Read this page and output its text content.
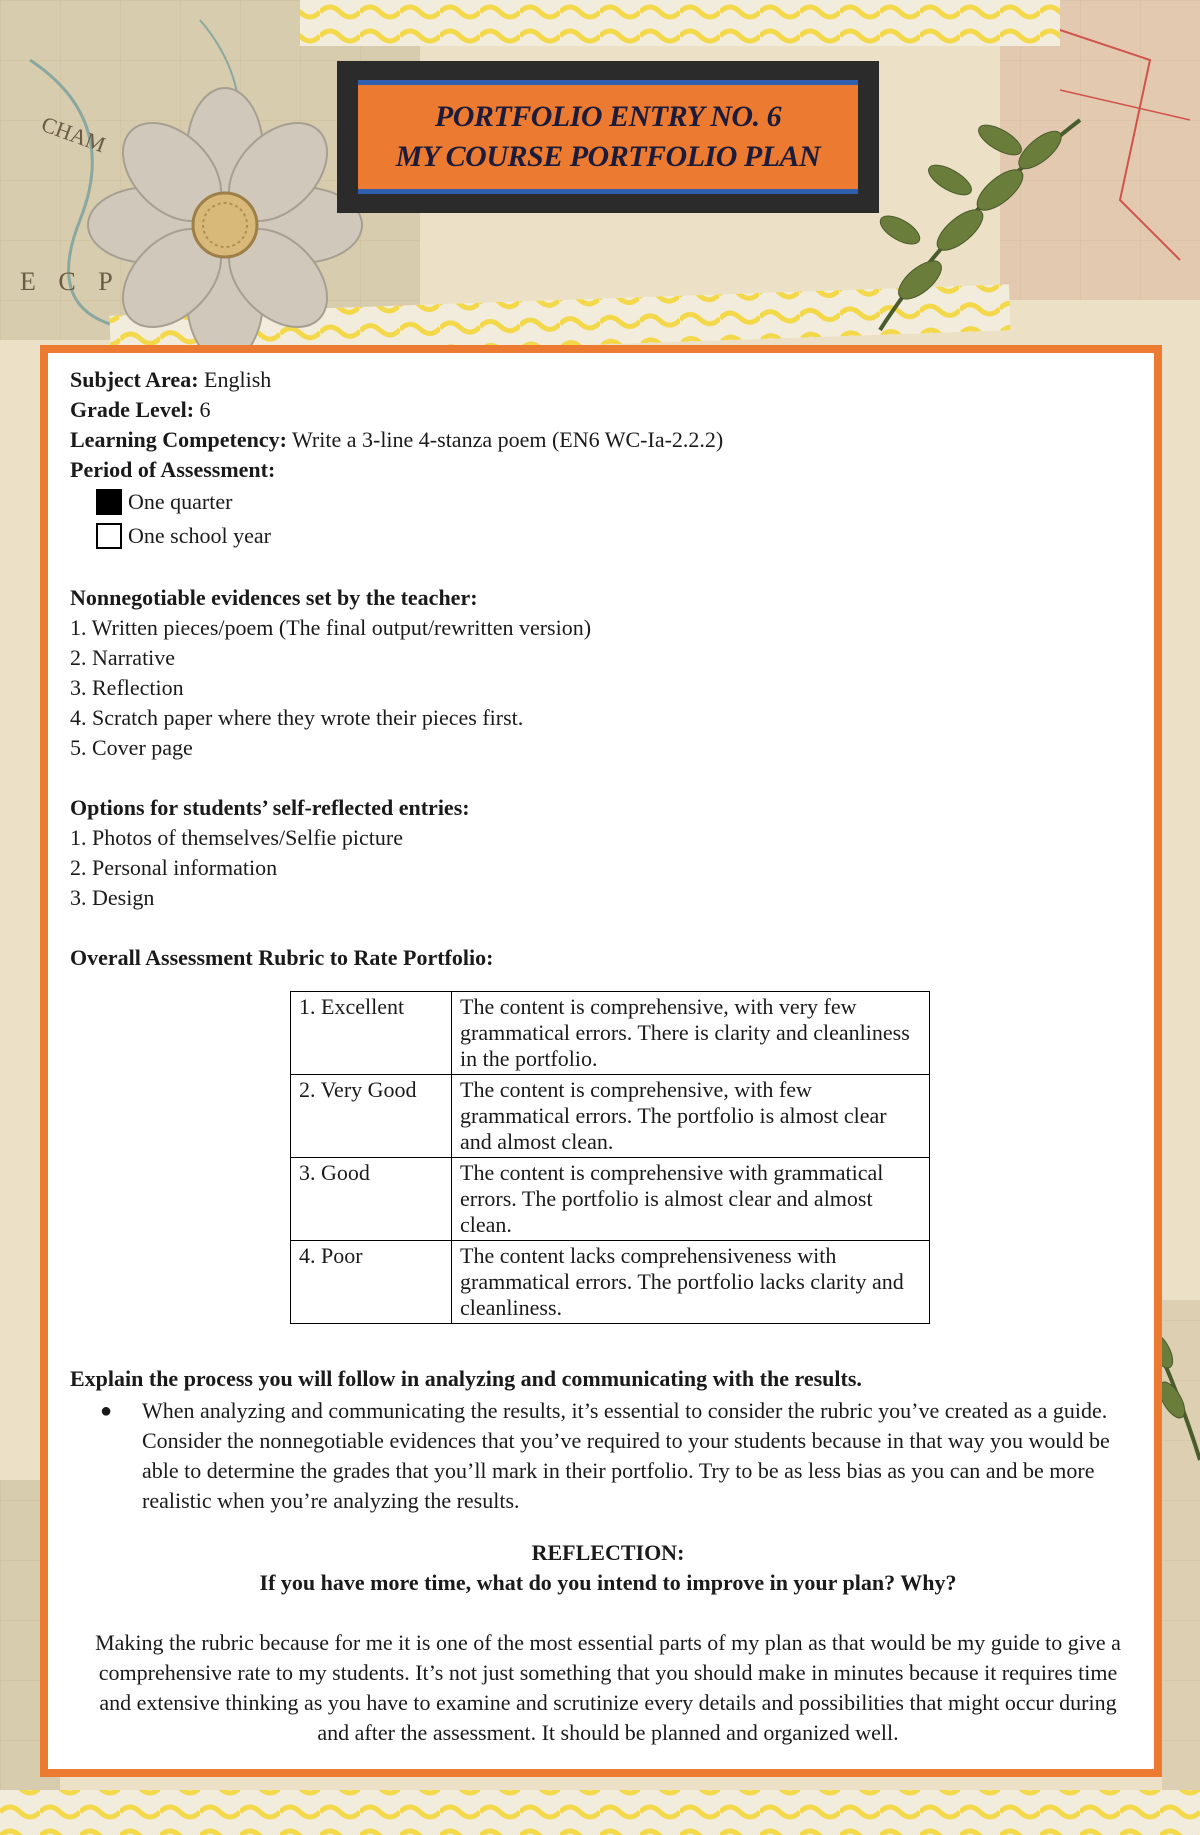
CHAM
E C P
PORTFOLIO ENTRY NO. 6
MY COURSE PORTFOLIO PLAN
Subject Area: English
Grade Level: 6
Learning Competency: Write a 3-line 4-stanza poem (EN6 WC-Ia-2.2.2)
Period of Assessment:
One quarter
One school year
Nonnegotiable evidences set by the teacher:
1. Written pieces/poem (The final output/rewritten version)
2. Narrative
3. Reflection
4. Scratch paper where they wrote their pieces first.
5. Cover page
Options for students’ self-reflected entries:
1. Photos of themselves/Selfie picture
2. Personal information
3. Design
Overall Assessment Rubric to Rate Portfolio:
1. Excellent	The content is comprehensive, with very few grammatical errors. There is clarity and cleanliness in the portfolio.
2. Very Good	The content is comprehensive, with few grammatical errors. The portfolio is almost clear and almost clean.
3. Good	The content is comprehensive with grammatical errors. The portfolio is almost clear and almost clean.
4. Poor	The content lacks comprehensiveness with grammatical errors. The portfolio lacks clarity and cleanliness.
Explain the process you will follow in analyzing and communicating with the results.
●	When analyzing and communicating the results, it’s essential to consider the rubric you’ve created as a guide. Consider the nonnegotiable evidences that you’ve required to your students because in that way you would be able to determine the grades that you’ll mark in their portfolio. Try to be as less bias as you can and be more realistic when you’re analyzing the results.
REFLECTION:
If you have more time, what do you intend to improve in your plan? Why?
Making the rubric because for me it is one of the most essential parts of my plan as that would be my guide to give a comprehensive rate to my students. It’s not just something that you should make in minutes because it requires time and extensive thinking as you have to examine and scrutinize every details and possibilities that might occur during and after the assessment. It should be planned and organized well.
